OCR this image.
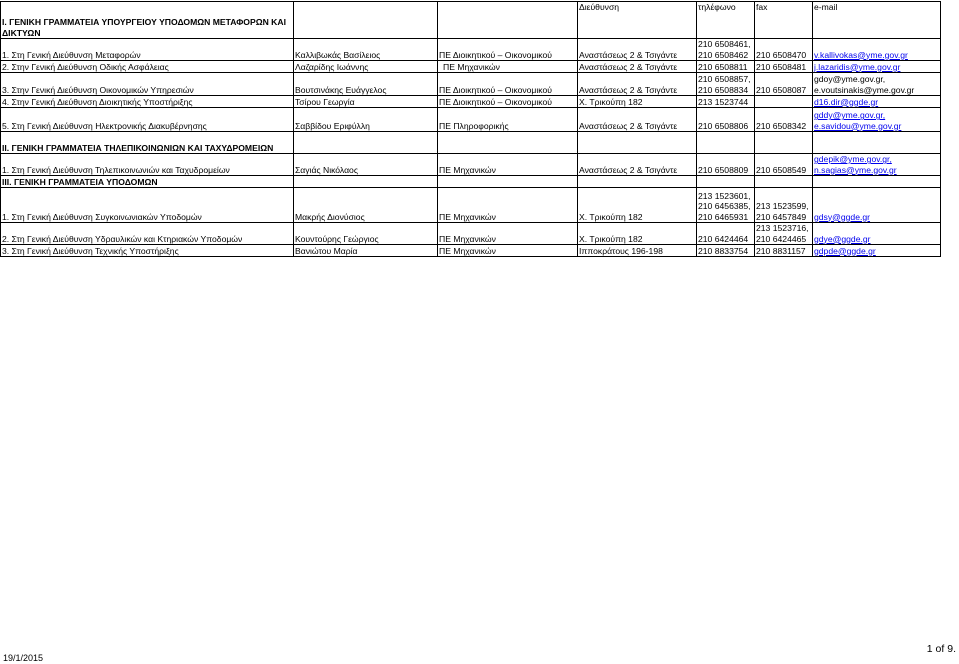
Ι. ΓΕΝΙΚΗ ΓΡΑΜΜΑΤΕΙΑ ΥΠΟΥΡΓΕΙΟΥ ΥΠΟΔΟΜΩΝ ΜΕΤΑΦΟΡΩΝ ΚΑΙ ΔΙΚΤΥΩΝ			Διεύθυνση	τηλέφωνο	fax	e-mail
1. Στη Γενική Διεύθυνση Μεταφορών	Καλλιβωκάς Βασίλειος	ΠΕ Διοικητικού – Οικονομικού	Αναστάσεως 2 & Τσιγάντε	210 6508461, 210 6508462	210 6508470	v.kallivokas@yme.gov.gr
2. Στην Γενική Διεύθυνση Οδικής Ασφάλειας	Λαζαρίδης Ιωάννης	ΠΕ Μηχανικών	Αναστάσεως 2 & Τσιγάντε	210 6508811	210 6508481	j.lazaridis@yme.gov.gr
3. Στην Γενική Διεύθυνση Οικονομικών Υπηρεσιών	Βουτσινάκης Ευάγγελος	ΠΕ Διοικητικού – Οικονομικού	Αναστάσεως 2 & Τσιγάντε	210 6508857, 210 6508834	210 6508087	gdoy@yme.gov.gr, e.voutsinakis@yme.gov.gr
4. Στην Γενική Διεύθυνση Διοικητικής Υποστήριξης	Τσίρου Γεωργία	ΠΕ Διοικητικού – Οικονομικού	Χ. Τρικούπη 182	213 1523744		d16.dir@ggde.gr
5. Στη Γενική Διεύθυνση Ηλεκτρονικής Διακυβέρνησης	Σαββίδου Εριφύλλη	ΠΕ Πληροφορικής	Αναστάσεως 2 & Τσιγάντε	210 6508806	210 6508342	gddy@yme.gov.gr, e.savidou@yme.gov.gr
ΙΙ. ΓΕΝΙΚΗ ΓΡΑΜΜΑΤΕΙΑ ΤΗΛΕΠΙΚΟΙΝΩΝΙΩΝ ΚΑΙ ΤΑΧΥΔΡΟΜΕΙΩΝ						
1. Στη Γενική Διεύθυνση Τηλεπικοινωνιών και Ταχυδρομείων	Σαγιάς Νικόλαος	ΠΕ Μηχανικών	Αναστάσεως 2 & Τσιγάντε	210 6508809	210 6508549	gdepik@yme.gov.gr, n.sagias@yme.gov.gr
ΙΙΙ. ΓΕΝΙΚΗ ΓΡΑΜΜΑΤΕΙΑ ΥΠΟΔΟΜΩΝ						
1. Στη Γενική Διεύθυνση Συγκοινωνιακών Υποδομών	Μακρής Διονύσιος	ΠΕ Μηχανικών	Χ. Τρικούπη 182	213 1523601, 210 6456385, 210 6465931	213 1523599, 210 6457849	gdsy@ggde.gr
2. Στη Γενική Διεύθυνση Υδραυλικών και Κτηριακών Υποδομών	Κουντούρης Γεώργιος	ΠΕ Μηχανικών	Χ. Τρικούπη 182	210 6424464	213 1523716, 210 6424465	gdye@ggde.gr
3. Στη Γενική Διεύθυνση Τεχνικής Υποστήριξης	Βανιώτου Μαρία	ΠΕ Μηχανικών	Ιπποκράτους 196-198	210 8833754	210 8831157	gdpde@ggde.gr
19/1/2015
1 of 9.
